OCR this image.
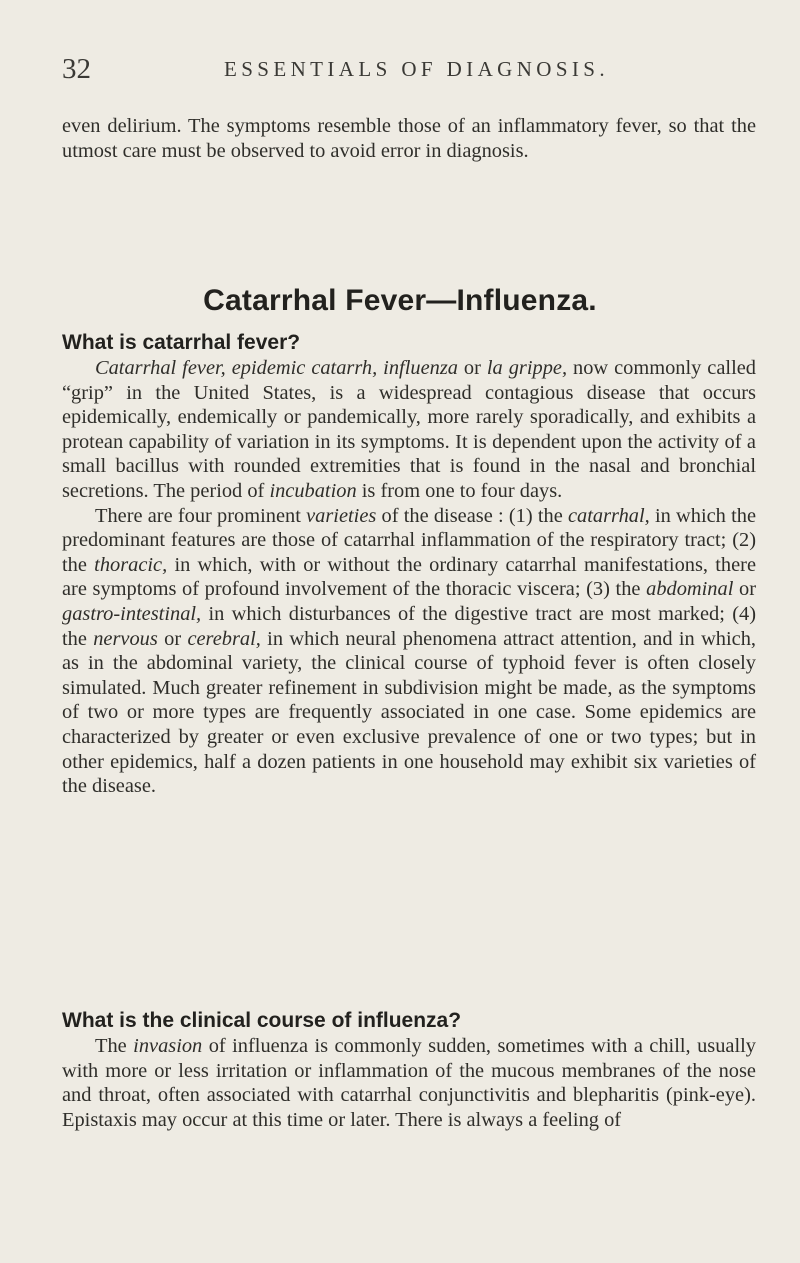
32	ESSENTIALS OF DIAGNOSIS.

even delirium. The symptoms resemble those of an inflammatory fever, so that the utmost care must be observed to avoid error in diagnosis.

Catarrhal Fever—Influenza.

What is catarrhal fever?

Catarrhal fever, epidemic catarrh, influenza or la grippe, now commonly called “grip” in the United States, is a widespread contagious disease that occurs epidemically, endemically or pandemically, more rarely sporadically, and exhibits a protean capability of variation in its symptoms. It is dependent upon the activity of a small bacillus with rounded extremities that is found in the nasal and bronchial secretions. The period of incubation is from one to four days.

There are four prominent varieties of the disease : (1) the catarrhal, in which the predominant features are those of catarrhal inflammation of the respiratory tract; (2) the thoracic, in which, with or without the ordinary catarrhal manifestations, there are symptoms of profound involvement of the thoracic viscera; (3) the abdominal or gastro-intestinal, in which disturbances of the digestive tract are most marked; (4) the nervous or cerebral, in which neural phenomena attract attention, and in which, as in the abdominal variety, the clinical course of typhoid fever is often closely simulated. Much greater refinement in subdivision might be made, as the symptoms of two or more types are frequently associated in one case. Some epidemics are characterized by greater or even exclusive prevalence of one or two types; but in other epidemics, half a dozen patients in one household may exhibit six varieties of the disease.

What is the clinical course of influenza?

The invasion of influenza is commonly sudden, sometimes with a chill, usually with more or less irritation or inflammation of the mucous membranes of the nose and throat, often associated with catarrhal conjunctivitis and blepharitis (pink-eye). Epistaxis may occur at this time or later. There is always a feeling of
